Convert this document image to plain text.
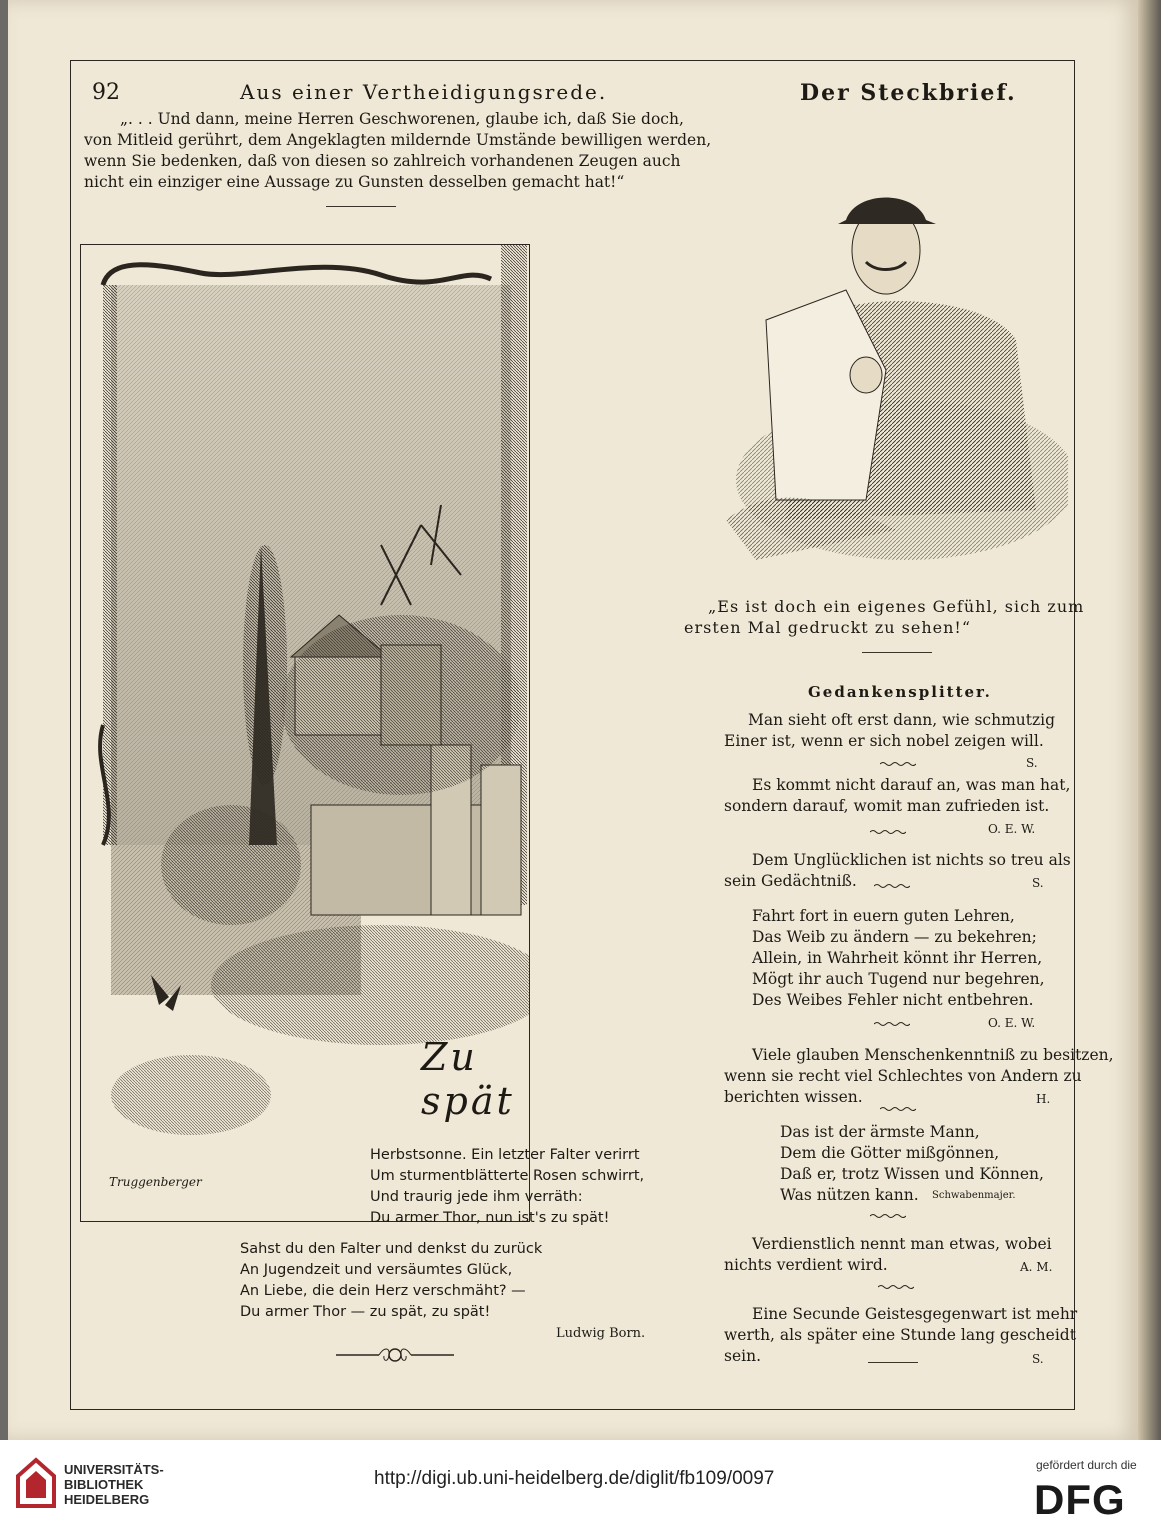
92	Aus einer Vertheidigungsrede.	Der Steckbrief.
„. . . Und dann, meine Herren Geschworenen, glaube ich, daß Sie doch,
von Mitleid gerührt, dem Angeklagten mildernde Umstände bewilligen werden,
wenn Sie bedenken, daß von diesen so zahlreich vorhandenen Zeugen auch
nicht ein einziger eine Aussage zu Gunsten desselben gemacht hat!“
Zu spät
Truggenberger
Herbstsonne. Ein letzter Falter verirrt
Um sturmentblätterte Rosen schwirrt,
Und traurig jede ihm verräth:
Du armer Thor, nun ist's zu spät!
Sahst du den Falter und denkst du zurück
An Jugendzeit und versäumtes Glück,
An Liebe, die dein Herz verschmäht? —
Du armer Thor — zu spät, zu spät!
Ludwig Born.
„Es ist doch ein eigenes Gefühl, sich zum
ersten Mal gedruckt zu sehen!“
Gedankensplitter.
Man sieht oft erst dann, wie schmutzig
Einer ist, wenn er sich nobel zeigen will.
S.
Es kommt nicht darauf an, was man hat,
sondern darauf, womit man zufrieden ist.
O. E. W.
Dem Unglücklichen ist nichts so treu als
sein Gedächtniß.	S.
Fahrt fort in euern guten Lehren,
Das Weib zu ändern — zu bekehren;
Allein, in Wahrheit könnt ihr Herren,
Mögt ihr auch Tugend nur begehren,
Des Weibes Fehler nicht entbehren.
O. E. W.
Viele glauben Menschenkenntniß zu besitzen,
wenn sie recht viel Schlechtes von Andern zu
berichten wissen.	H.
Das ist der ärmste Mann,
Dem die Götter mißgönnen,
Daß er, trotz Wissen und Können,
Was nützen kann. Schwabenmajer.
Verdienstlich nennt man etwas, wobei
nichts verdient wird.	A. M.
Eine Secunde Geistesgegenwart ist mehr
werth, als später eine Stunde lang gescheidt
sein.	S.
UNIVERSITÄTS-
BIBLIOTHEK
HEIDELBERG
http://digi.ub.uni-heidelberg.de/diglit/fb109/0097
gefördert durch die
DFG
